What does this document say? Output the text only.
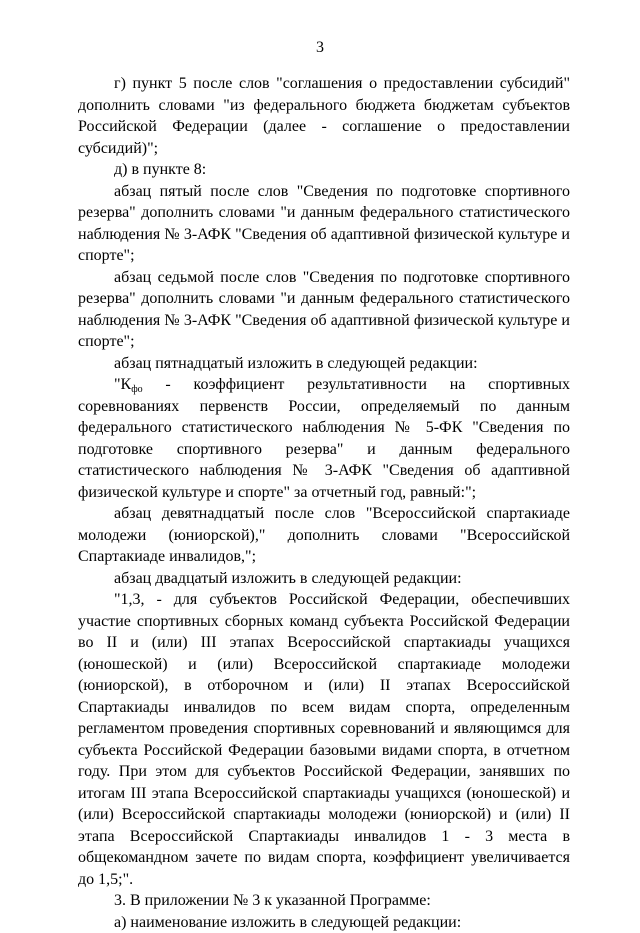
3

г) пункт 5 после слов "соглашения о предоставлении субсидий" дополнить словами "из федерального бюджета бюджетам субъектов Российской Федерации (далее - соглашение о предоставлении субсидий)";

д) в пункте 8:

абзац пятый после слов "Сведения по подготовке спортивного резерва" дополнить словами "и данным федерального статистического наблюдения № 3-АФК "Сведения об адаптивной физической культуре и спорте";

абзац седьмой после слов "Сведения по подготовке спортивного резерва" дополнить словами "и данным федерального статистического наблюдения № 3-АФК "Сведения об адаптивной физической культуре и спорте";

абзац пятнадцатый изложить в следующей редакции:

"$К_{фо}$ - коэффициент результативности на спортивных соревнованиях первенств России, определяемый по данным федерального статистического наблюдения № 5-ФК "Сведения по подготовке спортивного резерва" и данным федерального статистического наблюдения № 3-АФК "Сведения об адаптивной физической культуре и спорте" за отчетный год, равный:";

абзац девятнадцатый после слов "Всероссийской спартакиаде молодежи (юниорской)," дополнить словами "Всероссийской Спартакиаде инвалидов,";

абзац двадцатый изложить в следующей редакции:

"1,3, - для субъектов Российской Федерации, обеспечивших участие спортивных сборных команд субъекта Российской Федерации во II и (или) III этапах Всероссийской спартакиады учащихся (юношеской) и (или) Всероссийской спартакиаде молодежи (юниорской), в отборочном и (или) II этапах Всероссийской Спартакиады инвалидов по всем видам спорта, определенным регламентом проведения спортивных соревнований и являющимся для субъекта Российской Федерации базовыми видами спорта, в отчетном году. При этом для субъектов Российской Федерации, занявших по итогам III этапа Всероссийской спартакиады учащихся (юношеской) и (или) Всероссийской спартакиады молодежи (юниорской) и (или) II этапа Всероссийской Спартакиады инвалидов 1 - 3 места в общекомандном зачете по видам спорта, коэффициент увеличивается до 1,5;".

3. В приложении № 3 к указанной Программе:

а) наименование изложить в следующей редакции:
